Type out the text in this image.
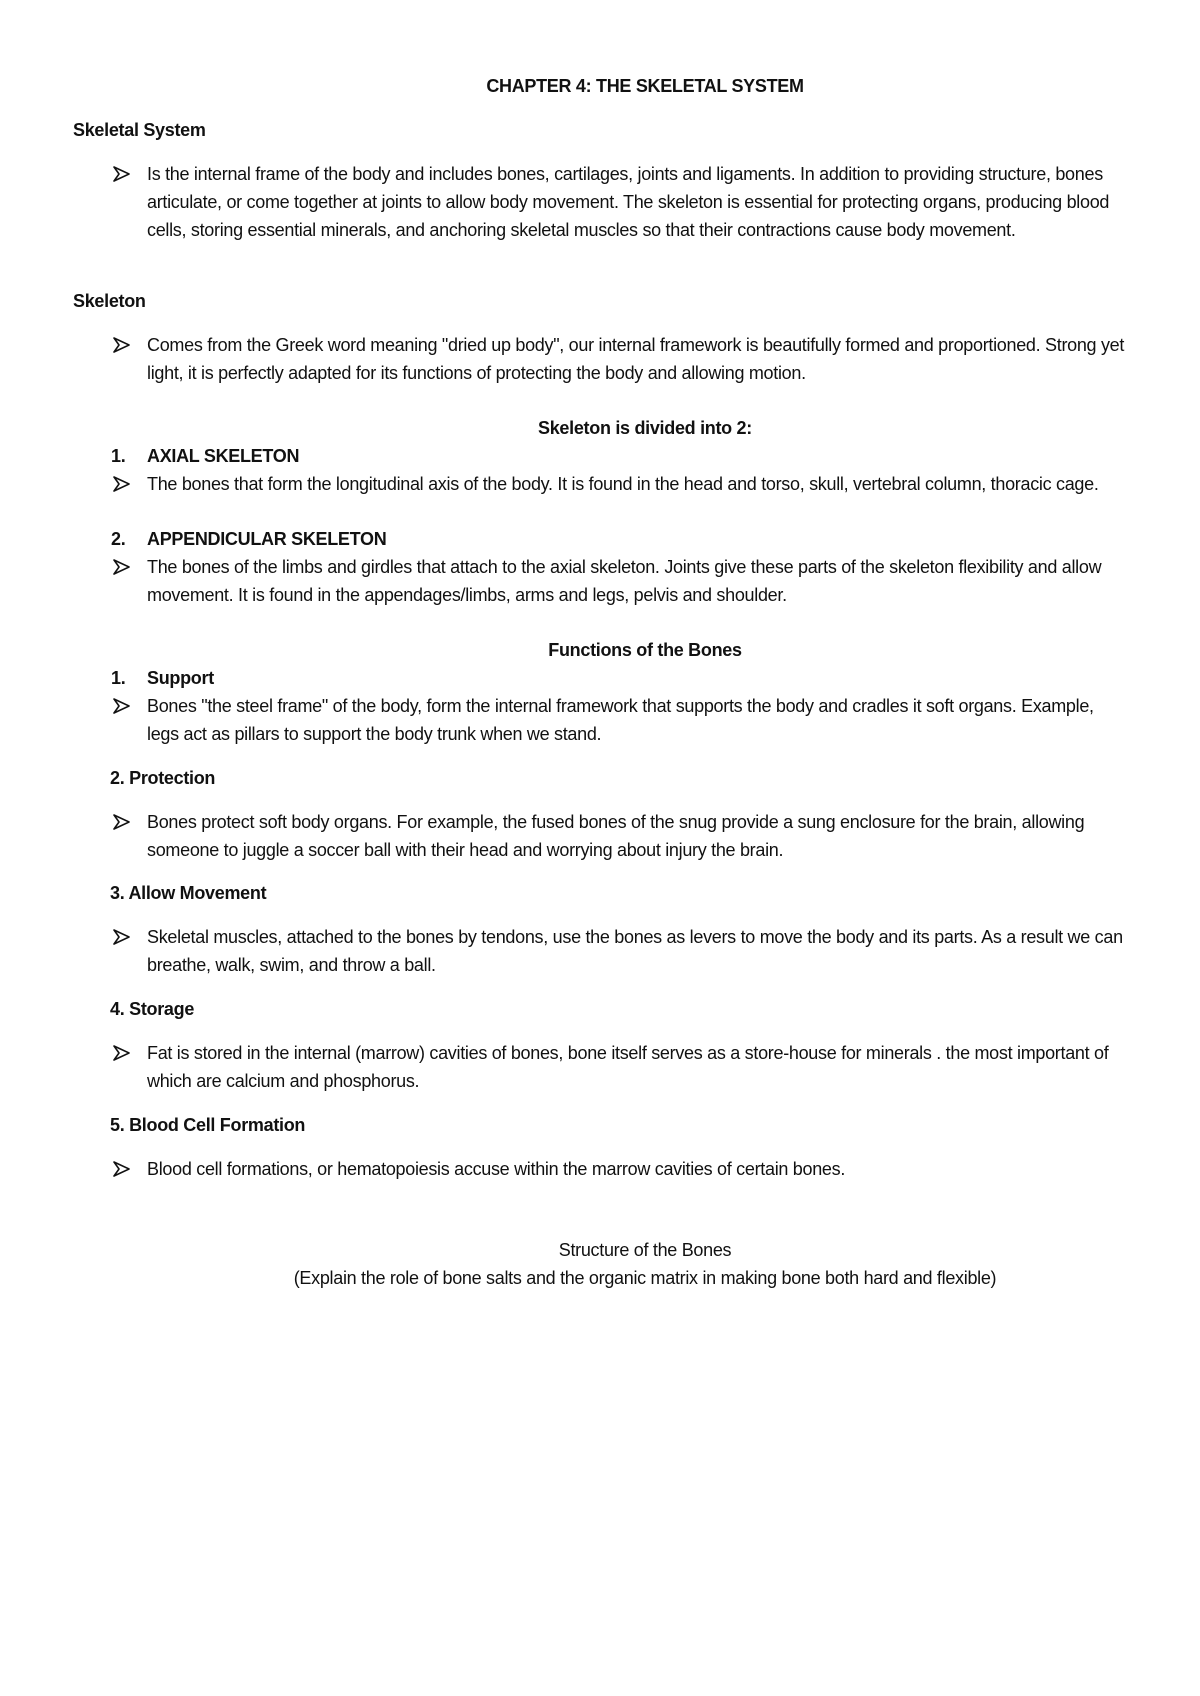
CHAPTER 4: THE SKELETAL SYSTEM
Skeletal System
Is the internal frame of the body and includes bones, cartilages, joints and ligaments. In addition to providing structure, bones articulate, or come together at joints to allow body movement. The skeleton is essential for protecting organs, producing blood cells, storing essential minerals, and anchoring skeletal muscles so that their contractions cause body movement.
Skeleton
Comes from the Greek word meaning "dried up body", our internal framework is beautifully formed and proportioned. Strong yet light, it is perfectly adapted for its functions of protecting the body and allowing motion.
Skeleton is divided into 2:
1. AXIAL SKELETON
The bones that form the longitudinal axis of the body. It is found in the head and torso, skull, vertebral column, thoracic cage.
2. APPENDICULAR SKELETON
The bones of the limbs and girdles that attach to the axial skeleton. Joints give these parts of the skeleton flexibility and allow movement. It is found in the appendages/limbs, arms and legs, pelvis and shoulder.
Functions of the Bones
1. Support
Bones "the steel frame" of the body, form the internal framework that supports the body and cradles it soft organs. Example, legs act as pillars to support the body trunk when we stand.
2. Protection
Bones protect soft body organs. For example, the fused bones of the snug provide a sung enclosure for the brain, allowing someone to juggle a soccer ball with their head and worrying about injury the brain.
3. Allow Movement
Skeletal muscles, attached to the bones by tendons, use the bones as levers to move the body and its parts. As a result we can breathe, walk, swim, and throw a ball.
4. Storage
Fat is stored in the internal (marrow) cavities of bones, bone itself serves as a store-house for minerals . the most important of which are calcium and phosphorus.
5. Blood Cell Formation
Blood cell formations, or hematopoiesis accuse within the marrow cavities of certain bones.
Structure of the Bones
(Explain the role of bone salts and the organic matrix in making bone both hard and flexible)
